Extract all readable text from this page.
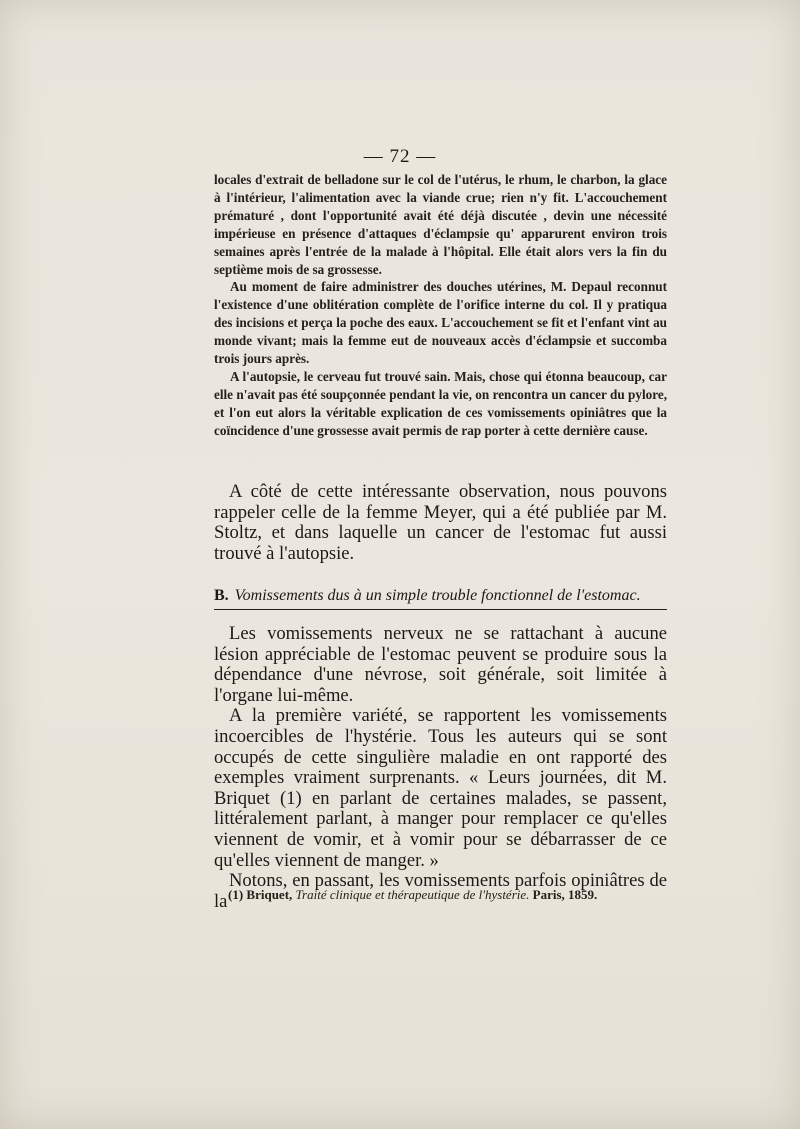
— 72 —

locales d'extrait de belladone sur le col de l'utérus, le rhum, le charbon, la glace à l'intérieur, l'alimentation avec la viande crue; rien n'y fit. L'accouchement prématuré , dont l'opportunité avait été déjà discutée , devin une nécessité impérieuse en présence d'attaques d'éclampsie qu' apparurent environ trois semaines après l'entrée de la malade à l'hôpital. Elle était alors vers la fin du septième mois de sa grossesse.

Au moment de faire administrer des douches utérines, M. Depaul reconnut l'existence d'une oblitération complète de l'orifice interne du col. Il y pratiqua des incisions et perça la poche des eaux. L'accouchement se fit et l'enfant vint au monde vivant; mais la femme eut de nouveaux accès d'éclampsie et succomba trois jours après.

A l'autopsie, le cerveau fut trouvé sain. Mais, chose qui étonna beaucoup, car elle n'avait pas été soupçonnée pendant la vie, on rencontra un cancer du pylore, et l'on eut alors la véritable explication de ces vomissements opiniâtres que la coïncidence d'une grossesse avait permis de rap porter à cette dernière cause.

A côté de cette intéressante observation, nous pouvons rappeler celle de la femme Meyer, qui a été publiée par M. Stoltz, et dans laquelle un cancer de l'estomac fut aussi trouvé à l'autopsie.

B. Vomissements dus à un simple trouble fonctionnel de l'estomac.

Les vomissements nerveux ne se rattachant à aucune lésion appréciable de l'estomac peuvent se produire sous la dépendance d'une névrose, soit générale, soit limitée à l'organe lui-même.

A la première variété, se rapportent les vomissements incoercibles de l'hystérie. Tous les auteurs qui se sont occupés de cette singulière maladie en ont rapporté des exemples vraiment surprenants. « Leurs journées, dit M. Briquet (1) en parlant de certaines malades, se passent, littéralement parlant, à manger pour remplacer ce qu'elles viennent de vomir, et à vomir pour se débarrasser de ce qu'elles viennent de manger. »

Notons, en passant, les vomissements parfois opiniâtres de la (1) Briquet, Traité clinique et thérapeutique de l'hystérie. Paris, 1859.
